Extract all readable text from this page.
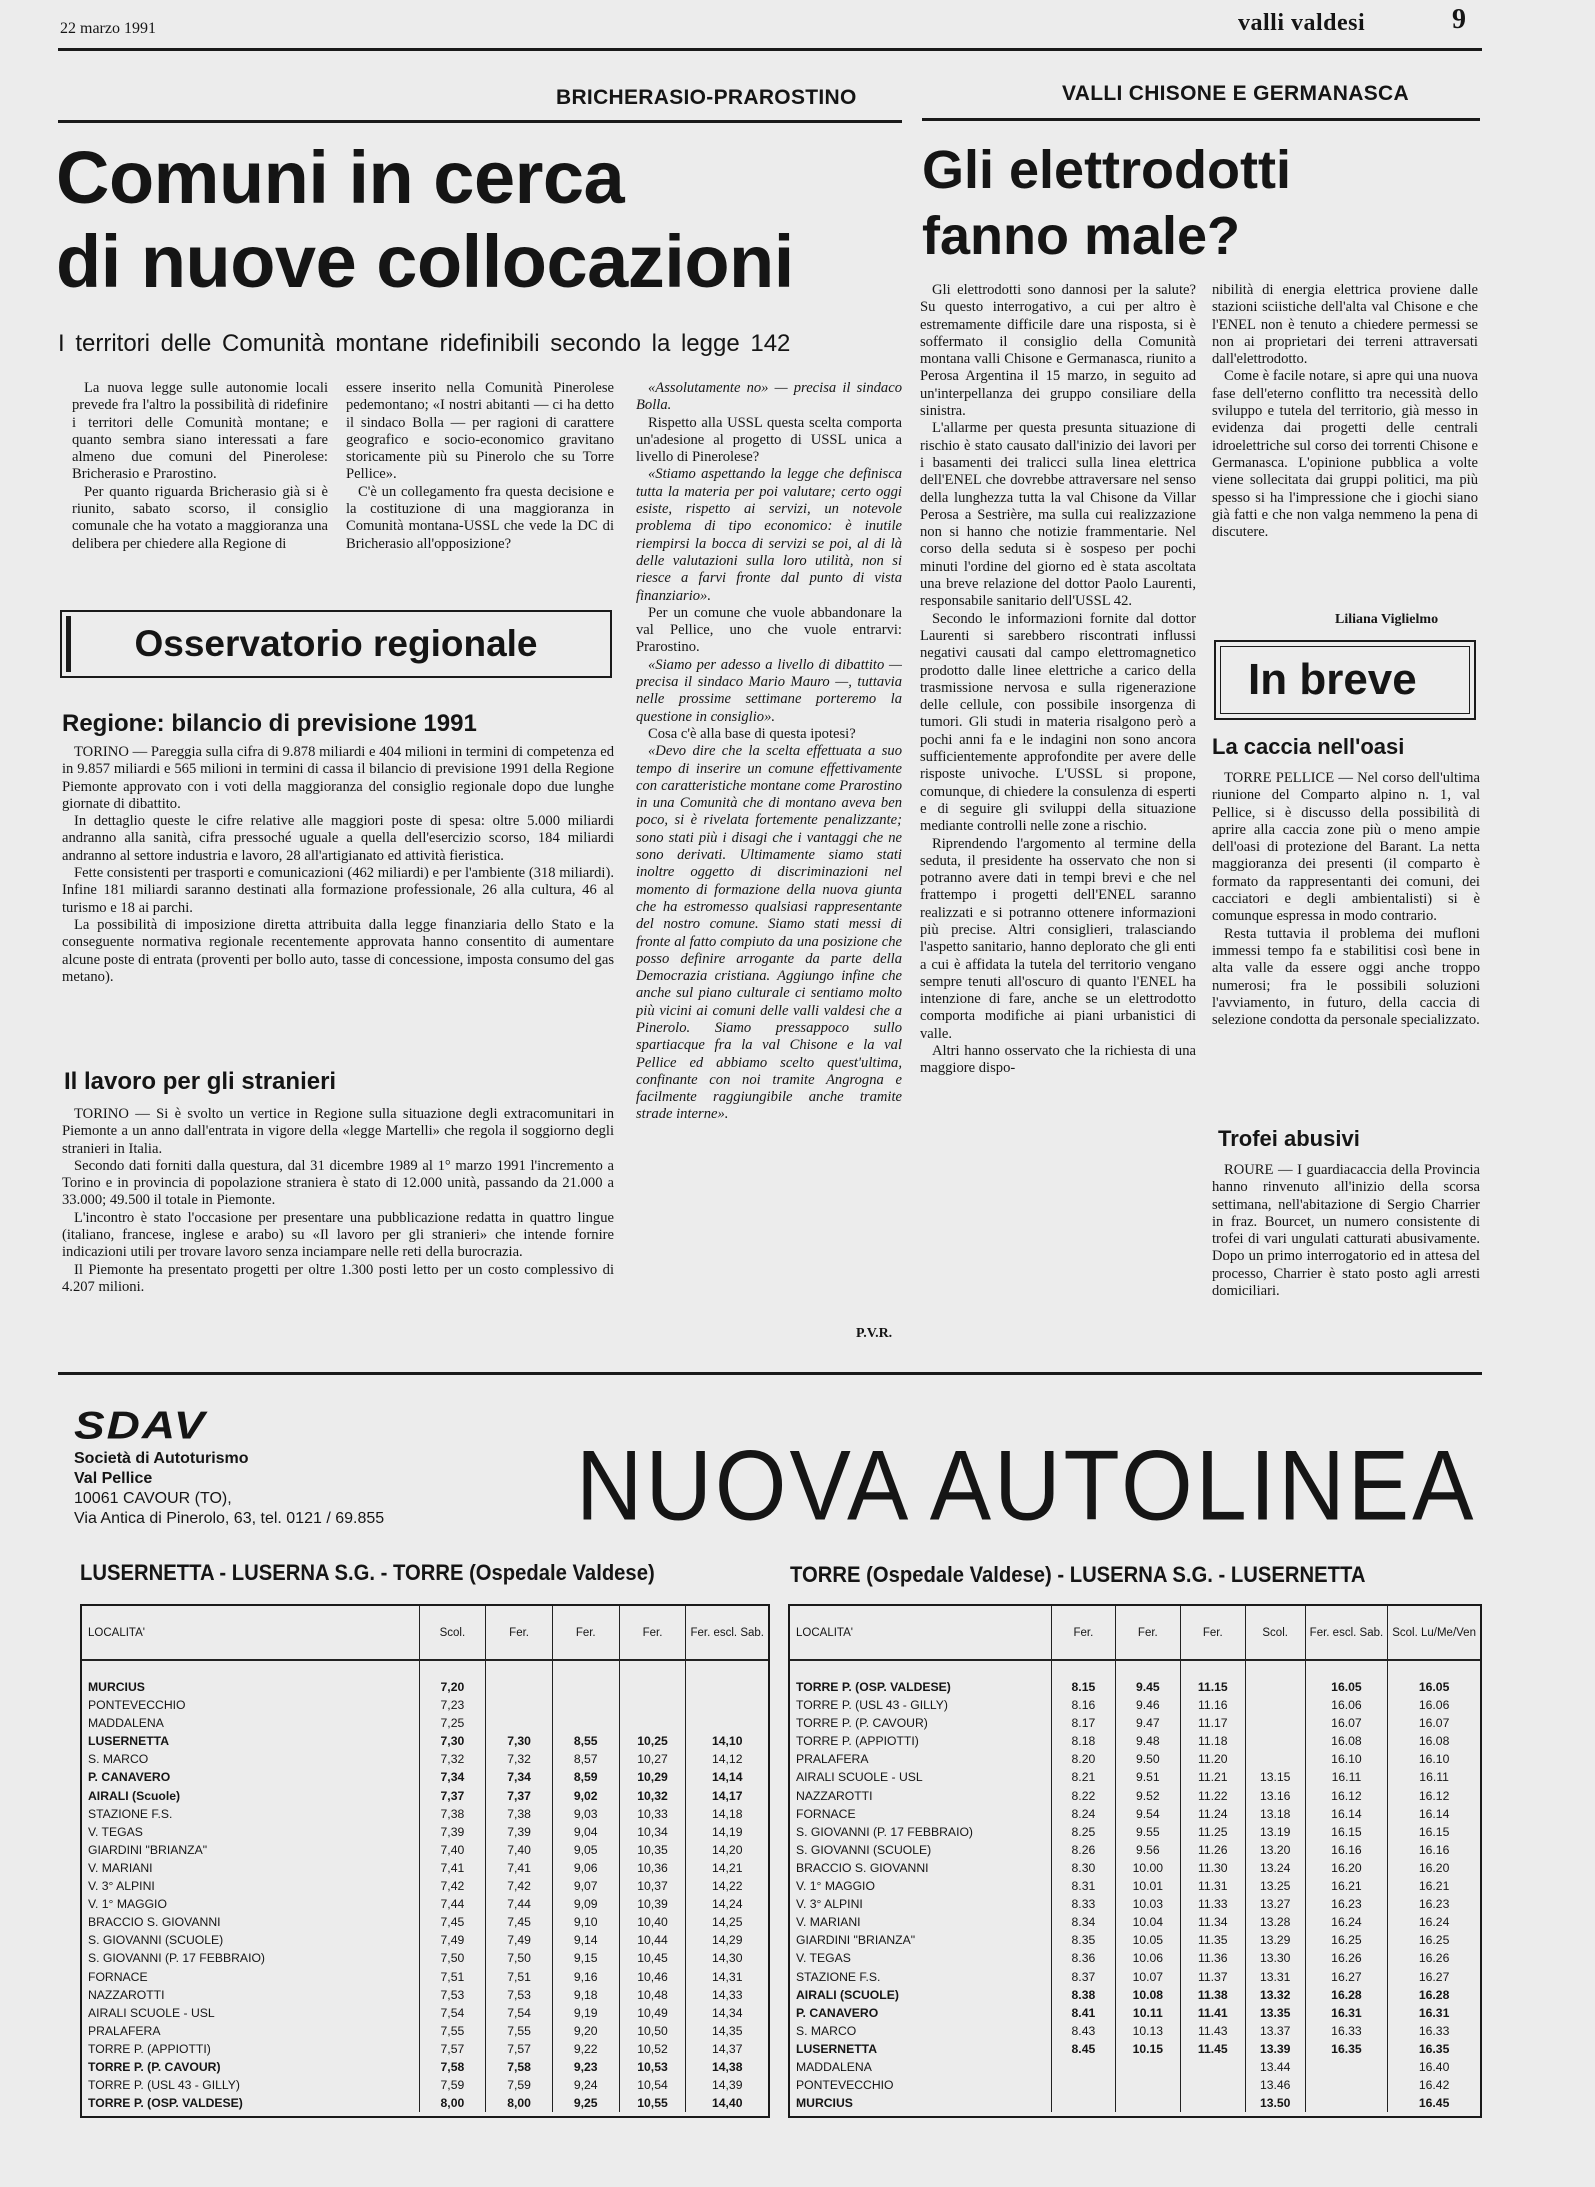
22 marzo 1991	valli valdesi	9
BRICHERASIO-PRAROSTINO	VALLI CHISONE E GERMANASCA
Comuni in cerca
di nuove collocazioni
I territori delle Comunità montane ridefinibili secondo la legge 142

La nuova legge sulle autonomie locali prevede fra l'altro la possibilità di ridefinire i territori delle Comunità montane; e quanto sembra siano interessati a fare almeno due comuni del Pinerolese: Bricherasio e Prarostino.

Per quanto riguarda Bricherasio già si è riunito, sabato scorso, il consiglio comunale che ha votato a maggioranza una delibera per chiedere alla Regione di

essere inserito nella Comunità Pinerolese pedemontano; «I nostri abitanti — ci ha detto il sindaco Bolla — per ragioni di carattere geografico e socio-economico gravitano storicamente più su Pinerolo che su Torre Pellice».

C'è un collegamento fra questa decisione e la costituzione di una maggioranza in Comunità montana-USSL che vede la DC di Bricherasio all'opposizione?

Osservatorio regionale
Regione: bilancio di previsione 1991

TORINO — Pareggia sulla cifra di 9.878 miliardi e 404 milioni in termini di competenza ed in 9.857 miliardi e 565 milioni in termini di cassa il bilancio di previsione 1991 della Regione Piemonte approvato con i voti della maggioranza del consiglio regionale dopo due lunghe giornate di dibattito.

In dettaglio queste le cifre relative alle maggiori poste di spesa: oltre 5.000 miliardi andranno alla sanità, cifra pressoché uguale a quella dell'esercizio scorso, 184 miliardi andranno al settore industria e lavoro, 28 all'artigianato ed attività fieristica.

Fette consistenti per trasporti e comunicazioni (462 miliardi) e per l'ambiente (318 miliardi). Infine 181 miliardi saranno destinati alla formazione professionale, 26 alla cultura, 46 al turismo e 18 ai parchi.

La possibilità di imposizione diretta attribuita dalla legge finanziaria dello Stato e la conseguente normativa regionale recentemente approvata hanno consentito di aumentare alcune poste di entrata (proventi per bollo auto, tasse di concessione, imposta consumo del gas metano).

Il lavoro per gli stranieri

TORINO — Si è svolto un vertice in Regione sulla situazione degli extracomunitari in Piemonte a un anno dall'entrata in vigore della «legge Martelli» che regola il soggiorno degli stranieri in Italia.

Secondo dati forniti dalla questura, dal 31 dicembre 1989 al 1° marzo 1991 l'incremento a Torino e in provincia di popolazione straniera è stato di 12.000 unità, passando da 21.000 a 33.000; 49.500 il totale in Piemonte.

L'incontro è stato l'occasione per presentare una pubblicazione redatta in quattro lingue (italiano, francese, inglese e arabo) su «Il lavoro per gli stranieri» che intende fornire indicazioni utili per trovare lavoro senza inciampare nelle reti della burocrazia.

Il Piemonte ha presentato progetti per oltre 1.300 posti letto per un costo complessivo di 4.207 milioni.

«Assolutamente no» — precisa il sindaco Bolla.

Rispetto alla USSL questa scelta comporta un'adesione al progetto di USSL unica a livello di Pinerolese?

«Stiamo aspettando la legge che definisca tutta la materia per poi valutare; certo oggi esiste, rispetto ai servizi, un notevole problema di tipo economico: è inutile riempirsi la bocca di servizi se poi, al di là delle valutazioni sulla loro utilità, non si riesce a farvi fronte dal punto di vista finanziario».

Per un comune che vuole abbandonare la val Pellice, uno che vuole entrarvi: Prarostino.

«Siamo per adesso a livello di dibattito — precisa il sindaco Mario Mauro —, tuttavia nelle prossime settimane porteremo la questione in consiglio».

Cosa c'è alla base di questa ipotesi?

«Devo dire che la scelta effettuata a suo tempo di inserire un comune effettivamente con caratteristiche montane come Prarostino in una Comunità che di montano aveva ben poco, si è rivelata fortemente penalizzante; sono stati più i disagi che i vantaggi che ne sono derivati. Ultimamente siamo stati inoltre oggetto di discriminazioni nel momento di formazione della nuova giunta che ha estromesso qualsiasi rappresentante del nostro comune. Siamo stati messi di fronte al fatto compiuto da una posizione che posso definire arrogante da parte della Democrazia cristiana. Aggiungo infine che anche sul piano culturale ci sentiamo molto più vicini ai comuni delle valli valdesi che a Pinerolo. Siamo pressappoco sullo spartiacque fra la val Chisone e la val Pellice ed abbiamo scelto quest'ultima, confinante con noi tramite Angrogna e facilmente raggiungibile anche tramite strade interne».

P.V.R.
Gli elettrodotti
fanno male?

Gli elettrodotti sono dannosi per la salute? Su questo interrogativo, a cui per altro è estremamente difficile dare una risposta, si è soffermato il consiglio della Comunità montana valli Chisone e Germanasca, riunito a Perosa Argentina il 15 marzo, in seguito ad un'interpellanza dei gruppo consiliare della sinistra.

L'allarme per questa presunta situazione di rischio è stato causato dall'inizio dei lavori per i basamenti dei tralicci sulla linea elettrica dell'ENEL che dovrebbe attraversare nel senso della lunghezza tutta la val Chisone da Villar Perosa a Sestrière, ma sulla cui realizzazione non si hanno che notizie frammentarie. Nel corso della seduta si è sospeso per pochi minuti l'ordine del giorno ed è stata ascoltata una breve relazione del dottor Paolo Laurenti, responsabile sanitario dell'USSL 42.

Secondo le informazioni fornite dal dottor Laurenti si sarebbero riscontrati influssi negativi causati dal campo elettromagnetico prodotto dalle linee elettriche a carico della trasmissione nervosa e sulla rigenerazione delle cellule, con possibile insorgenza di tumori. Gli studi in materia risalgono però a pochi anni fa e le indagini non sono ancora sufficientemente approfondite per avere delle risposte univoche. L'USSL si propone, comunque, di chiedere la consulenza di esperti e di seguire gli sviluppi della situazione mediante controlli nelle zone a rischio.

Riprendendo l'argomento al termine della seduta, il presidente ha osservato che non si potranno avere dati in tempi brevi e che nel frattempo i progetti dell'ENEL saranno realizzati e si potranno ottenere informazioni più precise. Altri consiglieri, tralasciando l'aspetto sanitario, hanno deplorato che gli enti a cui è affidata la tutela del territorio vengano sempre tenuti all'oscuro di quanto l'ENEL ha intenzione di fare, anche se un elettrodotto comporta modifiche ai piani urbanistici di valle.

Altri hanno osservato che la richiesta di una maggiore dispo-

nibilità di energia elettrica proviene dalle stazioni sciistiche dell'alta val Chisone e che l'ENEL non è tenuto a chiedere permessi se non ai proprietari dei terreni attraversati dall'elettrodotto.

Come è facile notare, si apre qui una nuova fase dell'eterno conflitto tra necessità dello sviluppo e tutela del territorio, già messo in evidenza dai progetti delle centrali idroelettriche sul corso dei torrenti Chisone e Germanasca. L'opinione pubblica a volte viene sollecitata dai gruppi politici, ma più spesso si ha l'impressione che i giochi siano già fatti e che non valga nemmeno la pena di discutere.

Liliana Viglielmo
In breve
La caccia nell'oasi

TORRE PELLICE — Nel corso dell'ultima riunione del Comparto alpino n. 1, val Pellice, si è discusso della possibilità di aprire alla caccia zone più o meno ampie dell'oasi di protezione del Barant. La netta maggioranza dei presenti (il comparto è formato da rappresentanti dei comuni, dei cacciatori e degli ambientalisti) si è comunque espressa in modo contrario.

Resta tuttavia il problema dei mufloni immessi tempo fa e stabilitisi così bene in alta valle da essere oggi anche troppo numerosi; fra le possibili soluzioni l'avviamento, in futuro, della caccia di selezione condotta da personale specializzato.

Trofei abusivi

ROURE — I guardiacaccia della Provincia hanno rinvenuto all'inizio della scorsa settimana, nell'abitazione di Sergio Charrier in fraz. Bourcet, un numero consistente di trofei di vari ungulati catturati abusivamente. Dopo un primo interrogatorio ed in attesa del processo, Charrier è stato posto agli arresti domiciliari.

SDAV
Società di Autoturismo
Val Pellice
10061 CAVOUR (TO),
Via Antica di Pinerolo, 63, tel. 0121 / 69.855 NUOVA AUTOLINEA
LUSERNETTA - LUSERNA S.G. - TORRE (Ospedale Valdese)	TORRE (Ospedale Valdese) - LUSERNA S.G. - LUSERNETTA
LOCALITA'	Scol.	Fer.	Fer.	Fer.	Fer. escl. Sab.

MURCIUS	7,20				
PONTEVECCHIO	7,23				
MADDALENA	7,25				
LUSERNETTA	7,30	7,30	8,55	10,25	14,10
S. MARCO	7,32	7,32	8,57	10,27	14,12
P. CANAVERO	7,34	7,34	8,59	10,29	14,14
AIRALI (Scuole)	7,37	7,37	9,02	10,32	14,17
STAZIONE F.S.	7,38	7,38	9,03	10,33	14,18
V. TEGAS	7,39	7,39	9,04	10,34	14,19
GIARDINI "BRIANZA"	7,40	7,40	9,05	10,35	14,20
V. MARIANI	7,41	7,41	9,06	10,36	14,21
V. 3° ALPINI	7,42	7,42	9,07	10,37	14,22
V. 1° MAGGIO	7,44	7,44	9,09	10,39	14,24
BRACCIO S. GIOVANNI	7,45	7,45	9,10	10,40	14,25
S. GIOVANNI (SCUOLE)	7,49	7,49	9,14	10,44	14,29
S. GIOVANNI (P. 17 FEBBRAIO)	7,50	7,50	9,15	10,45	14,30
FORNACE	7,51	7,51	9,16	10,46	14,31
NAZZAROTTI	7,53	7,53	9,18	10,48	14,33
AIRALI SCUOLE - USL	7,54	7,54	9,19	10,49	14,34
PRALAFERA	7,55	7,55	9,20	10,50	14,35
TORRE P. (APPIOTTI)	7,57	7,57	9,22	10,52	14,37
TORRE P. (P. CAVOUR)	7,58	7,58	9,23	10,53	14,38
TORRE P. (USL 43 - GILLY)	7,59	7,59	9,24	10,54	14,39
TORRE P. (OSP. VALDESE)	8,00	8,00	9,25	10,55	14,40
LOCALITA'	Fer.	Fer.	Fer.	Scol.	Fer. escl. Sab.	Scol. Lu/Me/Ven

TORRE P. (OSP. VALDESE)	8.15	9.45	11.15		16.05	16.05
TORRE P. (USL 43 - GILLY)	8.16	9.46	11.16		16.06	16.06
TORRE P. (P. CAVOUR)	8.17	9.47	11.17		16.07	16.07
TORRE P. (APPIOTTI)	8.18	9.48	11.18		16.08	16.08
PRALAFERA	8.20	9.50	11.20		16.10	16.10
AIRALI SCUOLE - USL	8.21	9.51	11.21	13.15	16.11	16.11
NAZZAROTTI	8.22	9.52	11.22	13.16	16.12	16.12
FORNACE	8.24	9.54	11.24	13.18	16.14	16.14
S. GIOVANNI (P. 17 FEBBRAIO)	8.25	9.55	11.25	13.19	16.15	16.15
S. GIOVANNI (SCUOLE)	8.26	9.56	11.26	13.20	16.16	16.16
BRACCIO S. GIOVANNI	8.30	10.00	11.30	13.24	16.20	16.20
V. 1° MAGGIO	8.31	10.01	11.31	13.25	16.21	16.21
V. 3° ALPINI	8.33	10.03	11.33	13.27	16.23	16.23
V. MARIANI	8.34	10.04	11.34	13.28	16.24	16.24
GIARDINI "BRIANZA"	8.35	10.05	11.35	13.29	16.25	16.25
V. TEGAS	8.36	10.06	11.36	13.30	16.26	16.26
STAZIONE F.S.	8.37	10.07	11.37	13.31	16.27	16.27
AIRALI (SCUOLE)	8.38	10.08	11.38	13.32	16.28	16.28
P. CANAVERO	8.41	10.11	11.41	13.35	16.31	16.31
S. MARCO	8.43	10.13	11.43	13.37	16.33	16.33
LUSERNETTA	8.45	10.15	11.45	13.39	16.35	16.35
MADDALENA				13.44		16.40
PONTEVECCHIO				13.46		16.42
MURCIUS				13.50		16.45
